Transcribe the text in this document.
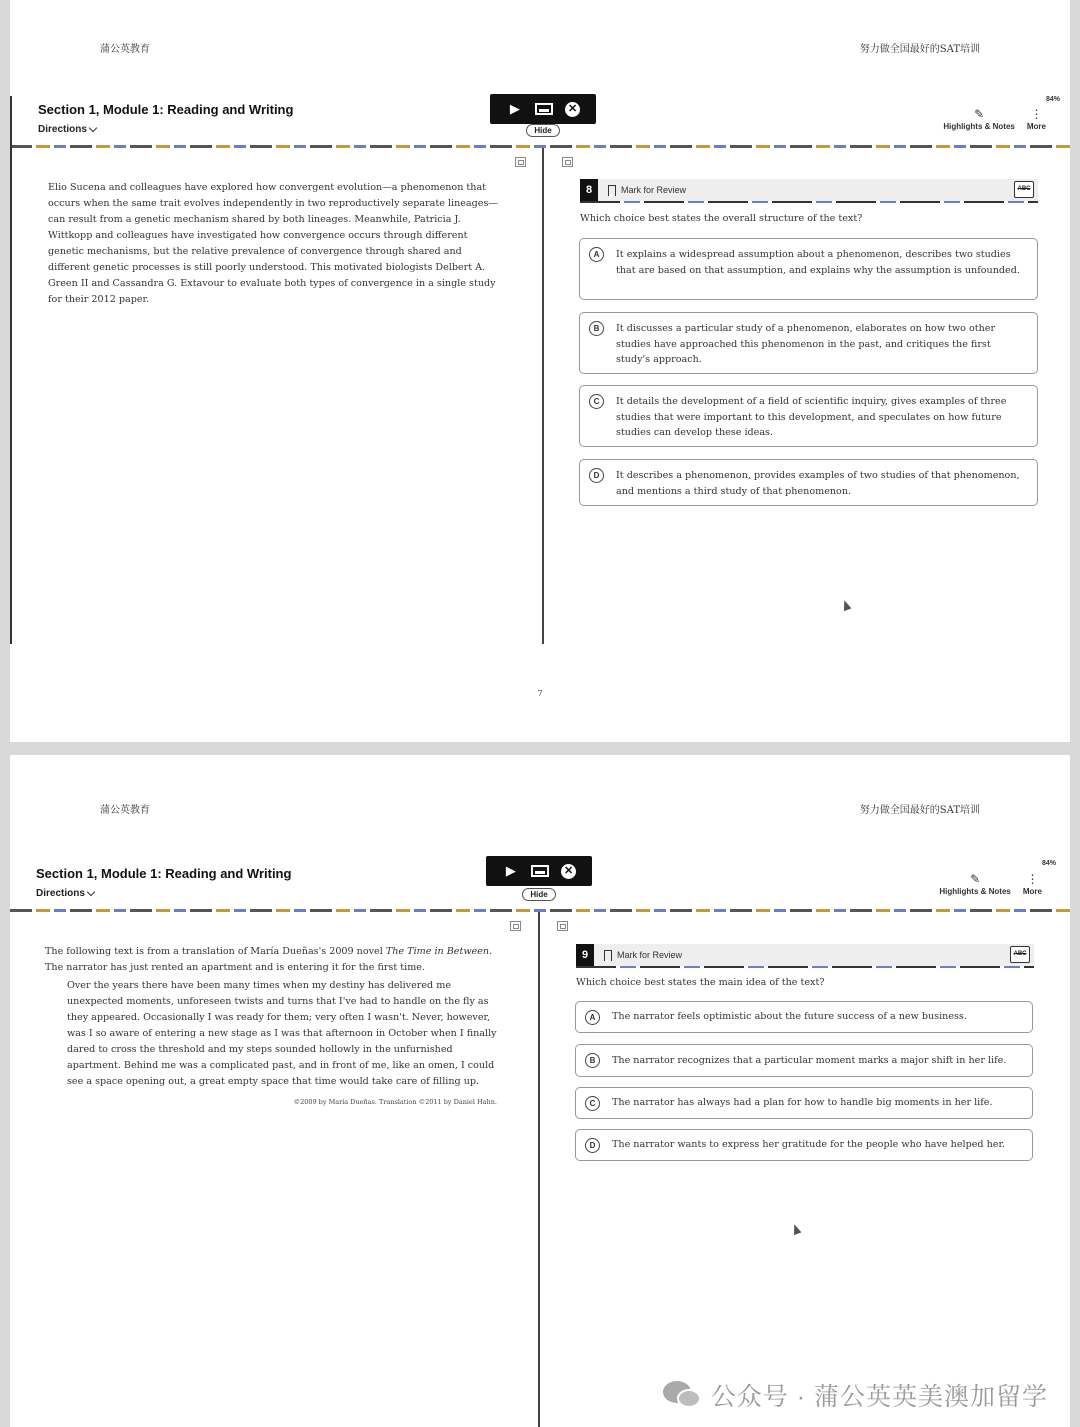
蒲公英教育	努力做全国最好的SAT培训
Section 1, Module 1: Reading and Writing
Directions
▶	✕
Hide
84%
✎
Highlights & Notes
⋮
More
Elio Sucena and colleagues have explored how convergent evolution—a phenomenon that occurs when the same trait evolves independently in two reproductively separate lineages—can result from a genetic mechanism shared by both lineages. Meanwhile, Patricia J. Wittkopp and colleagues have investigated how convergence occurs through different genetic mechanisms, but the relative prevalence of convergence through shared and different genetic processes is still poorly understood. This motivated biologists Delbert A. Green II and Cassandra G. Extavour to evaluate both types of convergence in a single study for their 2012 paper.
8	Mark for Review	ABC
Which choice best states the overall structure of the text?
A	It explains a widespread assumption about a phenomenon, describes two studies that are based on that assumption, and explains why the assumption is unfounded.
B	It discusses a particular study of a phenomenon, elaborates on how two other studies have approached this phenomenon in the past, and critiques the first study's approach.
C	It details the development of a field of scientific inquiry, gives examples of three studies that were important to this development, and speculates on how future studies can develop these ideas.
D	It describes a phenomenon, provides examples of two studies of that phenomenon, and mentions a third study of that phenomenon.
7
蒲公英教育	努力做全国最好的SAT培训
Section 1, Module 1: Reading and Writing
Directions
▶	✕
Hide
84%
✎
Highlights & Notes
⋮
More
The following text is from a translation of María Dueñas's 2009 novel The Time in Between. The narrator has just rented an apartment and is entering it for the first time.
Over the years there have been many times when my destiny has delivered me unexpected moments, unforeseen twists and turns that I've had to handle on the fly as they appeared. Occasionally I was ready for them; very often I wasn't. Never, however, was I so aware of entering a new stage as I was that afternoon in October when I finally dared to cross the threshold and my steps sounded hollowly in the unfurnished apartment. Behind me was a complicated past, and in front of me, like an omen, I could see a space opening out, a great empty space that time would take care of filling up.
©2009 by María Dueñas. Translation ©2011 by Daniel Hahn.
9	Mark for Review	ABC
Which choice best states the main idea of the text?
A	The narrator feels optimistic about the future success of a new business.
B	The narrator recognizes that a particular moment marks a major shift in her life.
C	The narrator has always had a plan for how to handle big moments in her life.
D	The narrator wants to express her gratitude for the people who have helped her.
公众号 · 蒲公英英美澳加留学
